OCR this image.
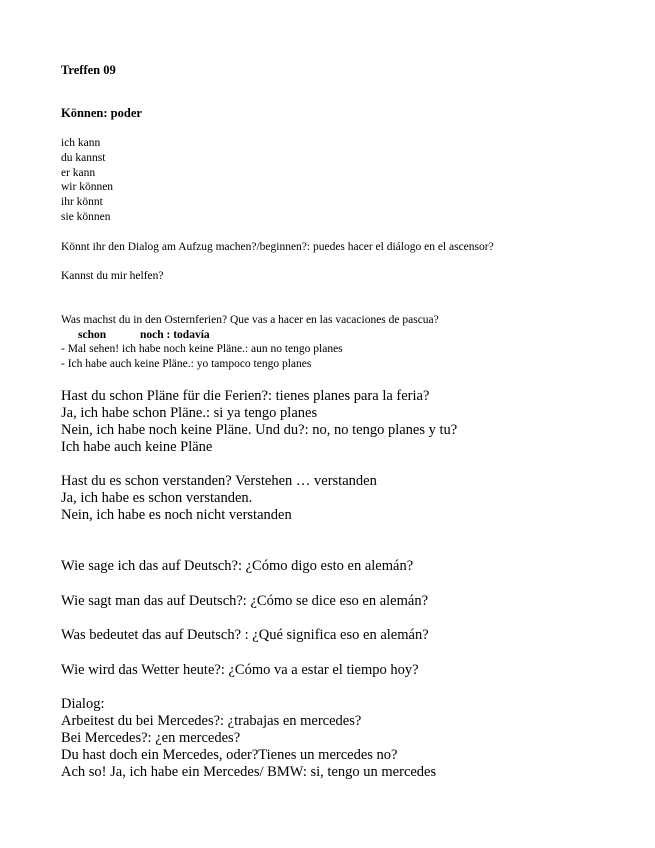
Treffen 09
Können: poder
ich kann
du kannst
er kann
wir können
ihr könnt
sie können
Könnt ihr den Dialog am Aufzug machen?/beginnen?: puedes hacer el diálogo en el ascensor?
Kannst du mir helfen?
Was machst du in den Osternferien? Que vas a hacer en las vacaciones de pascua?
schon	noch : todavía
- Mal sehen! ich habe noch keine Pläne.: aun no tengo planes
- Ich habe auch keine Pläne.: yo tampoco tengo planes
Hast du schon Pläne für die Ferien?: tienes planes para la feria?
Ja, ich habe schon Pläne.: si ya tengo planes
Nein, ich habe noch keine Pläne. Und du?: no, no tengo planes y tu?
Ich habe auch keine Pläne
Hast du es schon verstanden? Verstehen … verstanden
Ja, ich habe es schon verstanden.
Nein, ich habe es noch nicht verstanden
Wie sage ich das auf Deutsch?: ¿Cómo digo esto en alemán?
Wie sagt man das auf Deutsch?: ¿Cómo se dice eso en alemán?
Was bedeutet das auf Deutsch? : ¿Qué significa eso en alemán?
Wie wird das Wetter heute?: ¿Cómo va a estar el tiempo hoy?
Dialog:
Arbeitest du bei Mercedes?: ¿trabajas en mercedes?
Bei Mercedes?: ¿en mercedes?
Du hast doch ein Mercedes, oder?Tienes un mercedes no?
Ach so! Ja, ich habe ein Mercedes/ BMW: si, tengo un mercedes
